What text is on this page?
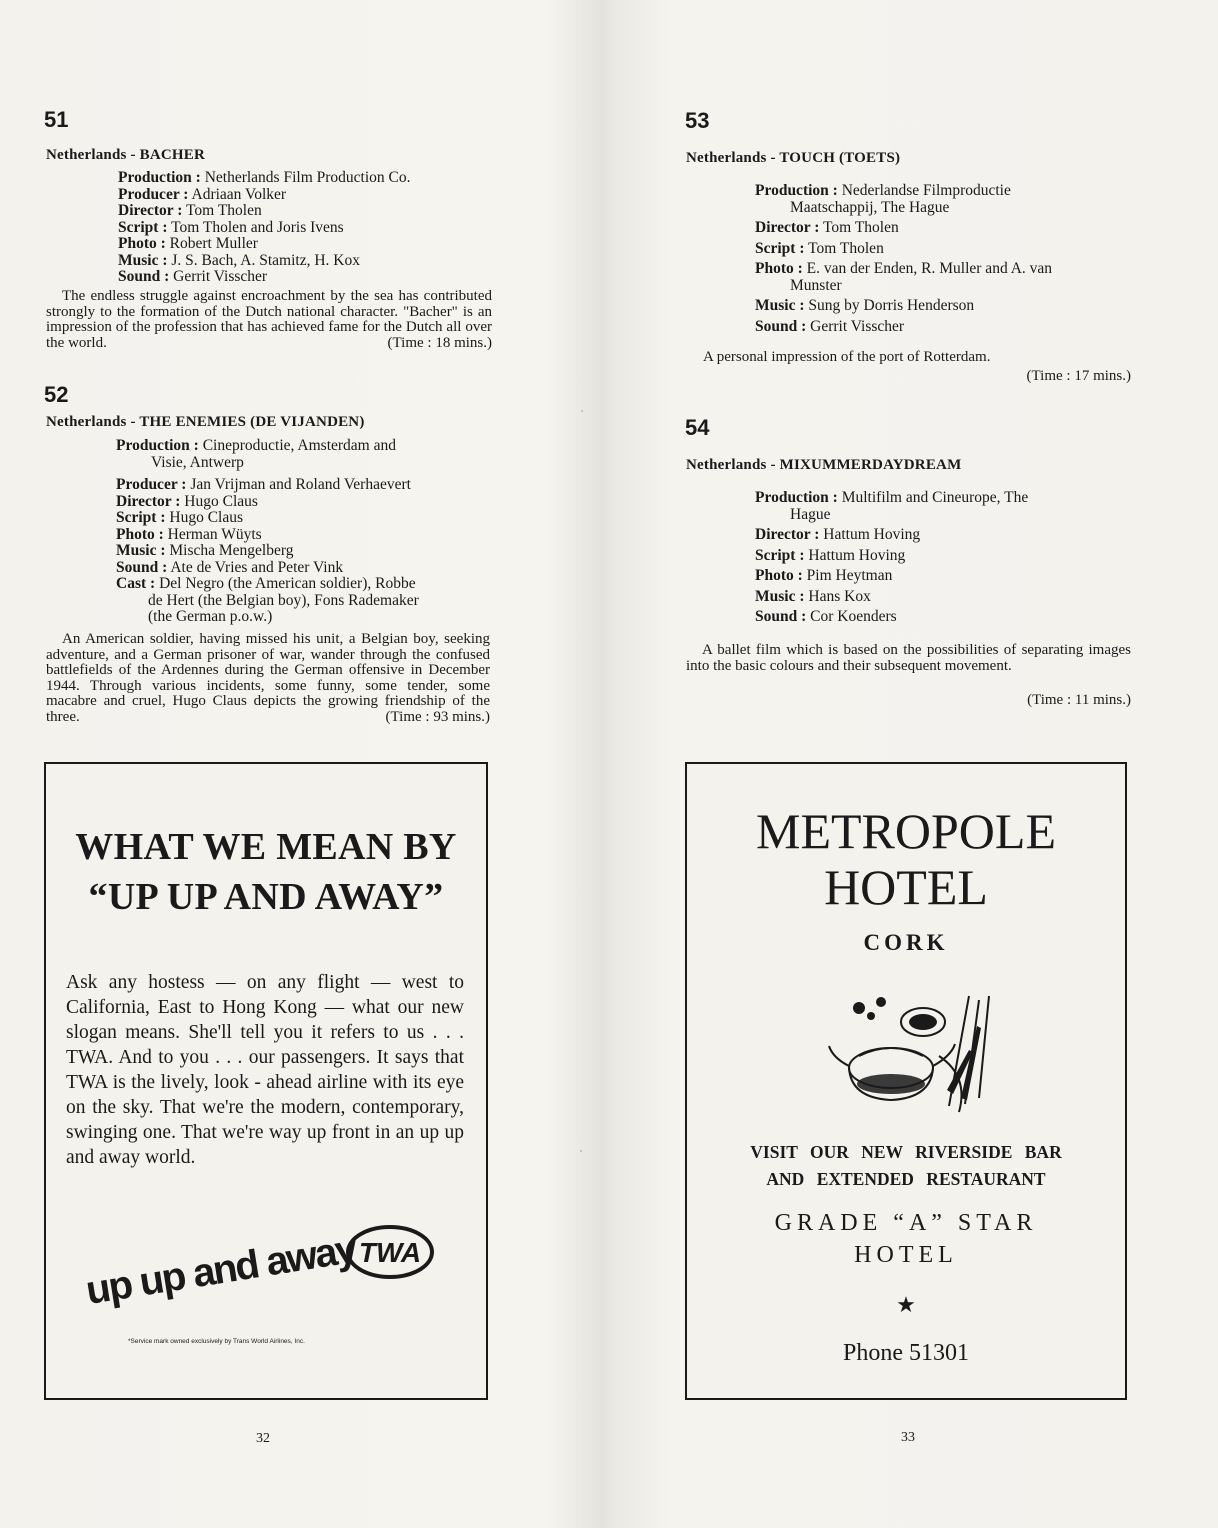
51
Netherlands - BACHER
Production : Netherlands Film Production Co.
Producer : Adriaan Volker
Director : Tom Tholen
Script : Tom Tholen and Joris Ivens
Photo : Robert Muller
Music : J. S. Bach, A. Stamitz, H. Kox
Sound : Gerrit Visscher
The endless struggle against encroachment by the sea has contributed strongly to the formation of the Dutch national character. "Bacher" is an impression of the profession that has achieved fame for the Dutch all over the world.	(Time : 18 mins.)
52
Netherlands - THE ENEMIES (DE VIJANDEN)
Production : Cineproductie, Amsterdam and
Visie, Antwerp
Producer : Jan Vrijman and Roland Verhaevert
Director : Hugo Claus
Script : Hugo Claus
Photo : Herman Wüyts
Music : Mischa Mengelberg
Sound : Ate de Vries and Peter Vink
Cast : Del Negro (the American soldier), Robbe
de Hert (the Belgian boy), Fons Rademaker
(the German p.o.w.)
An American soldier, having missed his unit, a Belgian boy, seeking adventure, and a German prisoner of war, wander through the confused battlefields of the Ardennes during the German offensive in December 1944. Through various incidents, some funny, some tender, some macabre and cruel, Hugo Claus depicts the growing friendship of the three.	(Time : 93 mins.)
WHAT WE MEAN BY
“UP UP AND AWAY”
Ask any hostess — on any flight — west to California, East to Hong Kong — what our new slogan means. She'll tell you it refers to us . . . TWA. And to you . . . our passengers. It says that TWA is the lively, look - ahead airline with its eye on the sky. That we're the modern, contemporary, swinging one. That we're way up front in an up up and away world.
up up and away TWA
*Service mark owned exclusively by Trans World Airlines, Inc.
32
53
Netherlands - TOUCH (TOETS)
Production : Nederlandse Filmproductie
Maatschappij, The Hague
Director : Tom Tholen
Script : Tom Tholen
Photo : E. van der Enden, R. Muller and A. van
Munster
Music : Sung by Dorris Henderson
Sound : Gerrit Visscher
A personal impression of the port of Rotterdam.
(Time : 17 mins.)
54
Netherlands - MIXUMMERDAYDREAM
Production : Multifilm and Cineurope, The
Hague
Director : Hattum Hoving
Script : Hattum Hoving
Photo : Pim Heytman
Music : Hans Kox
Sound : Cor Koenders
A ballet film which is based on the possibilities of separating images into the basic colours and their subsequent movement.
(Time : 11 mins.)
METROPOLE
HOTEL
CORK
VISIT OUR NEW RIVERSIDE BAR
AND EXTENDED RESTAURANT
GRADE “A” STAR
HOTEL
★
Phone 51301
33
